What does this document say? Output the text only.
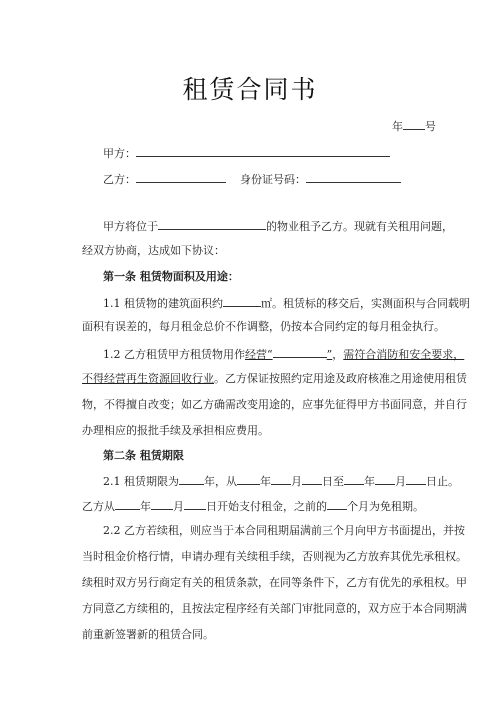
租赁合同书
年 号
甲方：
乙方：	身份证号码：
甲方将位于	的物业租予乙方。现就有关租用问题，
经双方协商，达成如下协议：
第一条 租赁物面积及用途：
1.1 租赁物的建筑面积约	㎡。租赁标的移交后，实测面积与合同载明
面积有误差的，每月租金总价不作调整，仍按本合同约定的每月租金执行。
1.2 乙方租赁甲方租赁物用作经营“	”，需符合消防和安全要求，
不得经营再生资源回收行业。乙方保证按照约定用途及政府核准之用途使用租赁
物，不得擅自改变；如乙方确需改变用途的，应事先征得甲方书面同意，并自行
办理相应的报批手续及承担相应费用。
第二条 租赁期限
2.1 租赁期限为 年，从 年 月 日至 年 月 日止。
乙方从 年 月 日开始支付租金，之前的 个月为免租期。
2.2 乙方若续租，则应当于本合同租期届满前三个月向甲方书面提出，并按
当时租金价格行情，申请办理有关续租手续，否则视为乙方放弃其优先承租权。
续租时双方另行商定有关的租赁条款，在同等条件下，乙方有优先的承租权。甲
方同意乙方续租的，且按法定程序经有关部门审批同意的，双方应于本合同期满
前重新签署新的租赁合同。
